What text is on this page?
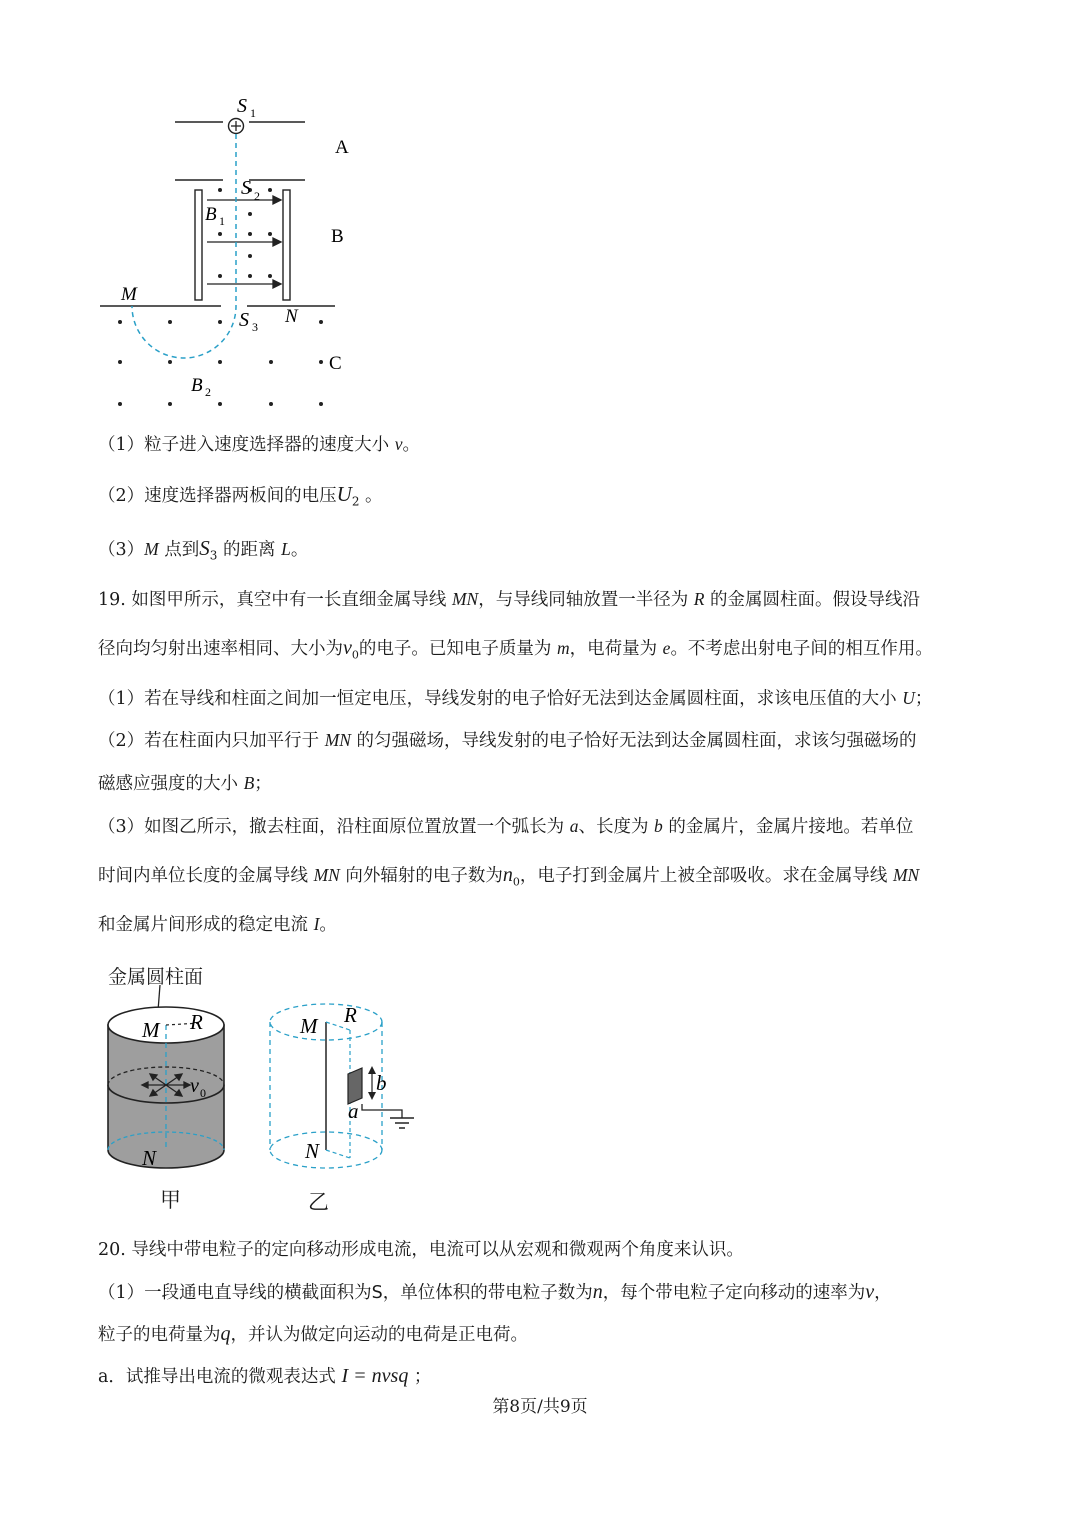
S 1
A
S 2
B 1
B
M
S 3 N
C
B 2
（1）粒子进入速度选择器的速度大小 v。
（2）速度选择器两板间的电压$U_2$ 。
（3）M 点到$S_3$ 的距离 L。
19. 如图甲所示，真空中有一长直细金属导线 MN，与导线同轴放置一半径为 R 的金属圆柱面。假设导线沿
径向均匀射出速率相同、大小为$v_0$的电子。已知电子质量为 m，电荷量为 e。不考虑出射电子间的相互作用。
（1）若在导线和柱面之间加一恒定电压，导线发射的电子恰好无法到达金属圆柱面，求该电压值的大小 U；
（2）若在柱面内只加平行于 MN 的匀强磁场，导线发射的电子恰好无法到达金属圆柱面，求该匀强磁场的
磁感应强度的大小 B；
（3）如图乙所示，撤去柱面，沿柱面原位置放置一个弧长为 a、长度为 b 的金属片，金属片接地。若单位
时间内单位长度的金属导线 MN 向外辐射的电子数为$n_0$，电子打到金属片上被全部吸收。求在金属导线 MN
和金属片间形成的稳定电流 I。
金属圆柱面
M R
v 0
N
甲
M R
b
a
N
乙
20. 导线中带电粒子的定向移动形成电流，电流可以从宏观和微观两个角度来认识。
（1）一段通电直导线的横截面积为S，单位体积的带电粒子数为n，每个带电粒子定向移动的速率为v，
粒子的电荷量为q，并认为做定向运动的电荷是正电荷。
a．试推导出电流的微观表达式 I = nvsq ；
第8页/共9页
